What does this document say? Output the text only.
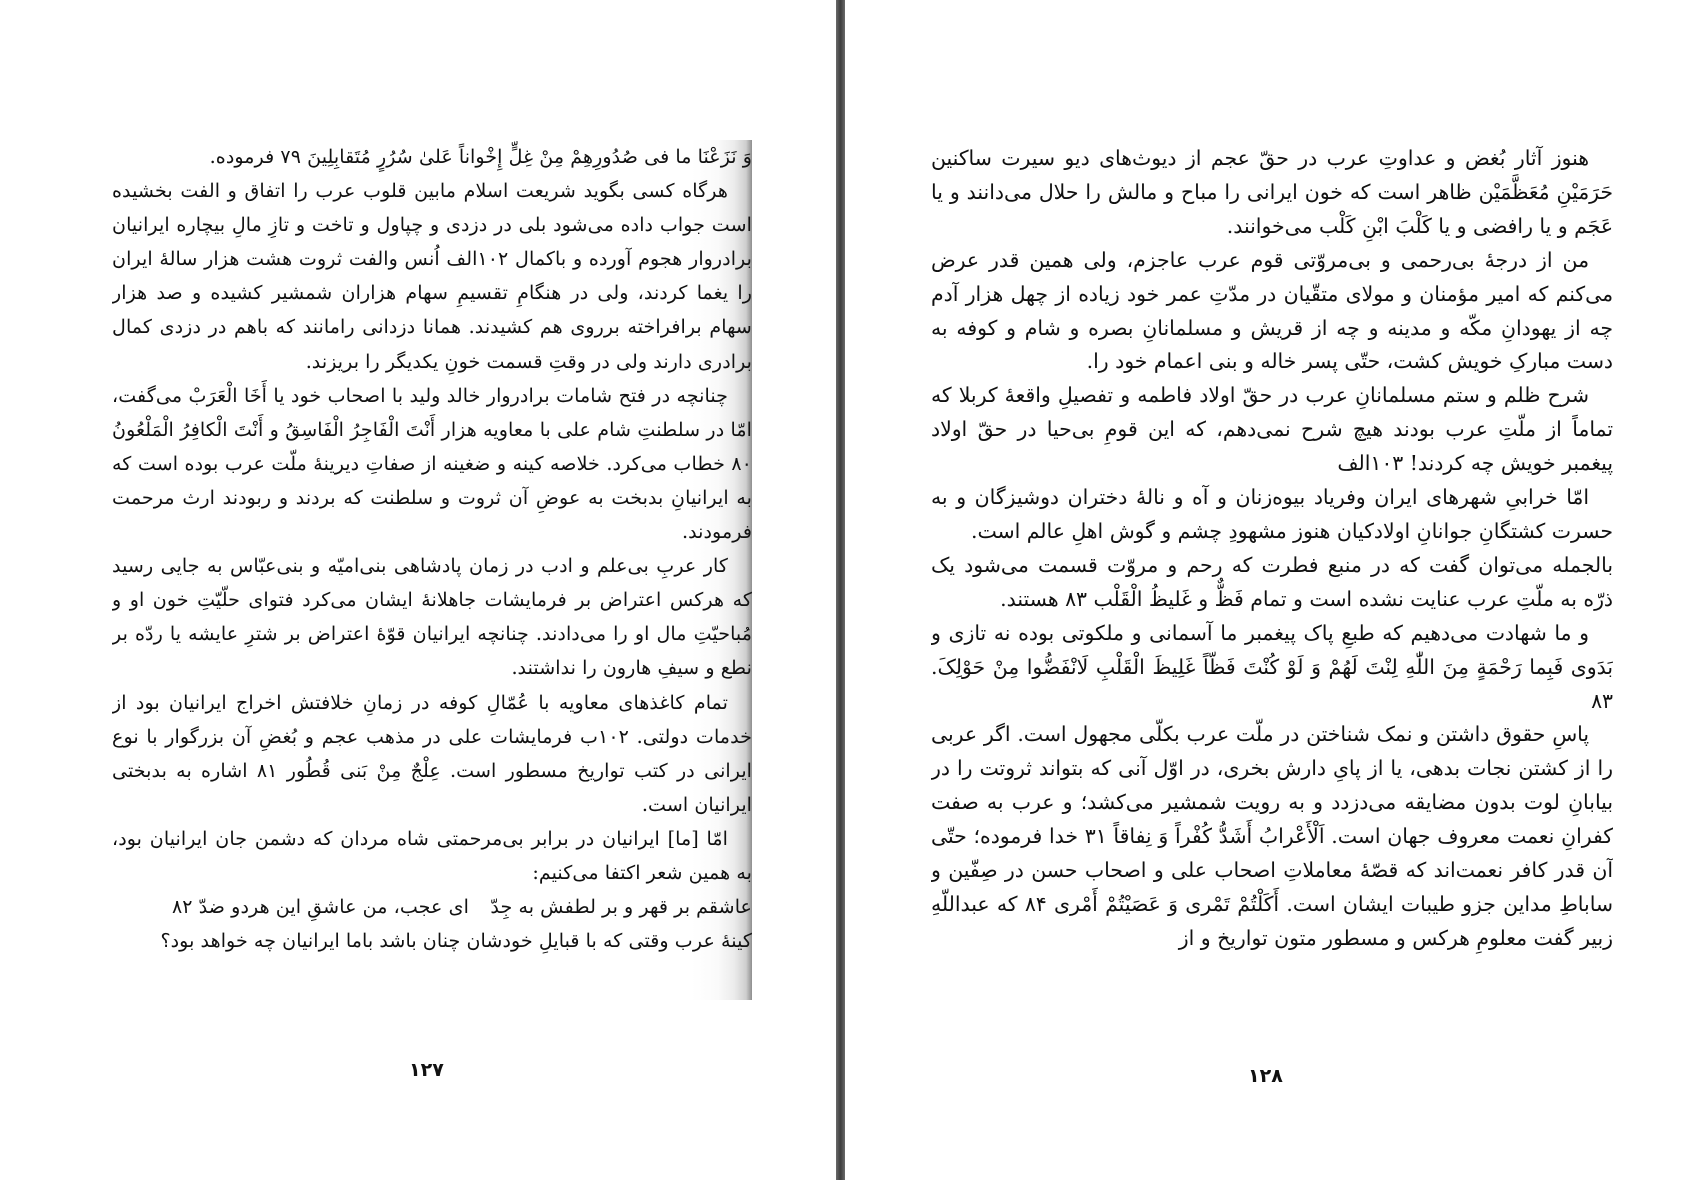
وَ نَزَعْنَا ما فی صُدُورِهِمْ مِنْ غِلٍّ إِخْواناً عَلیٰ سُرُرٍ مُتَقابِلِینَ ۷۹ فرموده.

هرگاه کسی بگوید شریعت اسلام مابین قلوب عرب را اتفاق و الفت بخشیده است جواب داده می‌شود بلی در دزدی و چپاول و تاخت و تازِ مالِ بیچاره ایرانیان برادروار هجوم آورده و باکمال ۱۰۲الف اُنس والفت ثروت هشت هزار سالهٔ ایران را یغما کردند، ولی در هنگامِ تقسیمِ سهام هزاران شمشیر کشیده و صد هزار سهام برافراخته برروی هم کشیدند. همانا دزدانی رامانند که باهم در دزدی کمال برادری دارند ولی در وقتِ قسمت خونِ یکدیگر را بریزند.

چنانچه در فتح شامات برادروار خالد ولید با اصحاب خود یا أَخَا الْعَرَبْ می‌گفت، امّا در سلطنتِ شام علی با معاویه هزار أَنْتَ الْفَاجِرُ الْفَاسِقُ و أَنْتَ الْکافِرُ الْمَلْعُونُ ۸۰ خطاب می‌کرد. خلاصه کینه و ضغینه از صفاتِ دیرینهٔ ملّت عرب بوده است که به ایرانیانِ بدبخت به عوضِ آن ثروت و سلطنت که بردند و ربودند ارث مرحمت فرمودند.

کار عربِ بی‌علم و ادب در زمان پادشاهی بنی‌امیّه و بنی‌عبّاس به جایی رسید که هرکس اعتراض بر فرمایشات جاهلانهٔ ایشان می‌کرد فتوای حلّیّتِ خون او و مُباحیّتِ مال او را می‌دادند. چنانچه ایرانیان قوّهٔ اعتراض بر شترِ عایشه یا ردّه بر نطع و سیفِ هارون را نداشتند.

تمام کاغذهای معاویه با عُمّالِ کوفه در زمانِ خلافتش اخراج ایرانیان بود از خدمات دولتی. ۱۰۲ب فرمایشات علی در مذهب عجم و بُغضِ آن بزرگوار با نوع ایرانی در کتب تواریخ مسطور است. عِلْجٌ مِنْ بَنی قُطُور ۸۱ اشاره به بدبختی ایرانیان است.

امّا [ما] ایرانیان در برابر بی‌مرحمتی شاه مردان که دشمن جان ایرانیان بود، به همین شعر اکتفا می‌کنیم:

عاشقم بر قهر و بر لطفش به جِدّ
ای عجب، من عاشقِ این هردو ضدّ ۸۲

کینهٔ عرب وقتی که با قبایلِ خودشان چنان باشد باما ایرانیان چه خواهد بود؟

۱۲۷

هنوز آثار بُغض و عداوتِ عرب در حقّ عجم از دیوث‌های دیو سیرت ساکنین حَرَمَیْنِ مُعَظَّمَیْن ظاهر است که خون ایرانی را مباح و مالش را حلال می‌دانند و یا عَجَم و یا رافضی و یا کَلْبَ ابْنِ کَلْب می‌خوانند.

من از درجهٔ بی‌رحمی و بی‌مروّتی قوم عرب عاجزم، ولی همین قدر عرض می‌کنم که امیر مؤمنان و مولای متقّیان در مدّتِ عمر خود زیاده از چهل هزار آدم چه از یهودانِ مکّه و مدینه و چه از قریش و مسلمانانِ بصره و شام و کوفه به دست مبارکِ خویش کشت، حتّی پسر خاله و بنی اعمام خود را.

شرح ظلم و ستم مسلمانانِ عرب در حقّ اولاد فاطمه و تفصیلِ واقعهٔ کربلا که تماماً از ملّتِ عرب بودند هیچ شرح نمی‌دهم، که این قومِ بی‌حیا در حقّ اولاد پیغمبر خویش چه کردند! ۱۰۳الف

امّا خرابیِ شهرهای ایران وفریاد بیوه‌زنان و آه و نالهٔ دختران دوشیزگان و به حسرت کشتگانِ جوانانِ اولادکیان هنوز مشهودِ چشم و گوش اهلِ عالم است.

بالجمله می‌توان گفت که در منبع فطرت که رحم و مروّت قسمت می‌شود یک ذرّه به ملّتِ عرب عنایت نشده است و تمام فَظٌّ و غَلیظُ الْقَلْب ۸۳ هستند.

و ما شهادت می‌دهیم که طبعِ پاک پیغمبر ما آسمانی و ملکوتی بوده نه تازی و بَدَوی فَبِما رَحْمَةٍ مِنَ اللّٰهِ لِنْتَ لَهُمْ وَ لَوْ کُنْتَ فَظّاً غَلِیظَ الْقَلْبِ لَانْفَضُّوا مِنْ حَوْلِکَ. ۸۳

پاسِ حقوق داشتن و نمک شناختن در ملّت عرب بکلّی مجهول است. اگر عربی را از کشتن نجات بدهی، یا از پایِ دارش بخری، در اوّل آنی که بتواند ثروتت را در بیابانِ لوت بدون مضایقه می‌دزدد و به رویت شمشیر می‌کشد؛ و عرب به صفت کفرانِ نعمت معروف جهان است. اَلْأَعْرابُ أَشَدُّ کُفْراً وَ نِفاقاً ۳۱ خدا فرموده؛ حتّی آن قدر کافر نعمت‌اند که قصّهٔ معاملاتِ اصحاب علی و اصحاب حسن در صِفّین و ساباطِ مداین جزو طیبات ایشان است. أَکَلْتُمْ تَمْری وَ عَصَیْتُمْ أَمْری ۸۴ که عبداللّهِ زبیر گفت معلومِ هرکس و مسطور متون تواریخ و از

۱۲۸
